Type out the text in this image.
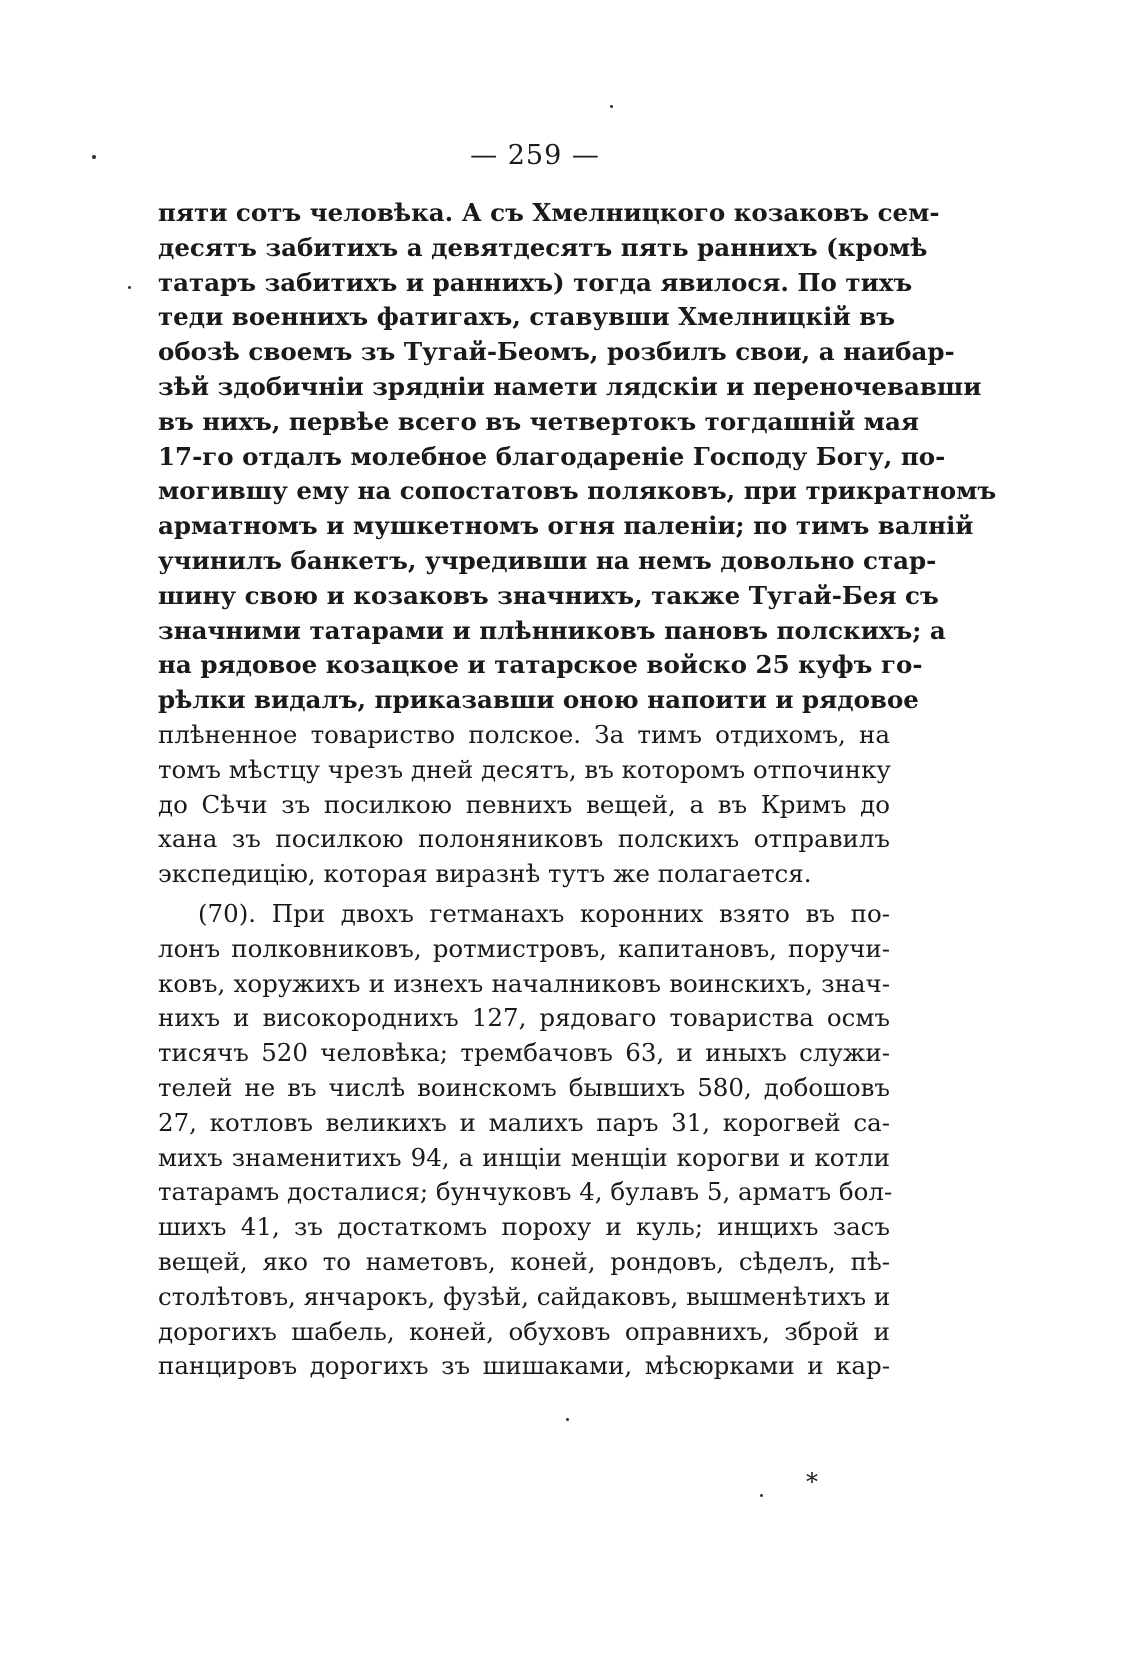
— 259 —
пяти сотъ человѣка. А съ Хмелницкого козаковъ сем-
десятъ забитихъ а девятдесятъ пять раннихъ (кромѣ
татаръ забитихъ и раннихъ) тогда явилося. По тихъ
теди военнихъ фатигахъ, ставувши Хмелницкій въ
обозѣ своемъ зъ Тугай-Беомъ, розбилъ свои, а наибар-
зѣй здобичніи зрядніи намети лядскіи и переночевавши
въ нихъ, первѣе всего въ четвертокъ тогдашній мая
17-го отдалъ молебное благодареніе Господу Богу, по-
могившу ему на сопостатовъ поляковъ, при трикратномъ
арматномъ и мушкетномъ огня паленіи; по тимъ валній
учинилъ банкетъ, учредивши на немъ довольно стар-
шину свою и козаковъ значнихъ, также Тугай-Бея съ
значними татарами и плѣнниковъ пановъ полскихъ; а
на рядовое козацкое и татарское войско 25 куфъ го-
рѣлки видалъ, приказавши оною напоити и рядовое
плѣненное товариство полское. За тимъ отдихомъ, на
томъ мѣстцу чрезъ дней десятъ, въ которомъ отпочинку
до Сѣчи зъ посилкою певнихъ вещей, а въ Кримъ до
хана зъ посилкою полоняниковъ полскихъ отправилъ
экспедицію, которая виразнѣ тутъ же полагается.
(70). При двохъ гетманахъ коронних взято въ по-
лонъ полковниковъ, ротмистровъ, капитановъ, поручи-
ковъ, хоружихъ и изнехъ началниковъ воинскихъ, знач-
нихъ и високороднихъ 127, рядоваго товариства осмъ
тисячъ 520 человѣка; трембачовъ 63, и иныхъ служи-
телей не въ числѣ воинскомъ бывшихъ 580, добошовъ
27, котловъ великихъ и малихъ паръ 31, корогвей са-
михъ знаменитихъ 94, а инщіи менщіи корогви и котли
татарамъ досталися; бунчуковъ 4, булавъ 5, арматъ бол-
шихъ 41, зъ достаткомъ пороху и куль; инщихъ засъ
вещей, яко то наметовъ, коней, рондовъ, сѣделъ, пѣ-
столѣтовъ, янчарокъ, фузѣй, сайдаковъ, вышменѣтихъ и
дорогихъ шабель, коней, обуховъ оправнихъ, зброй и
панцировъ дорогихъ зъ шишаками, мѣсюрками и кар-
*
